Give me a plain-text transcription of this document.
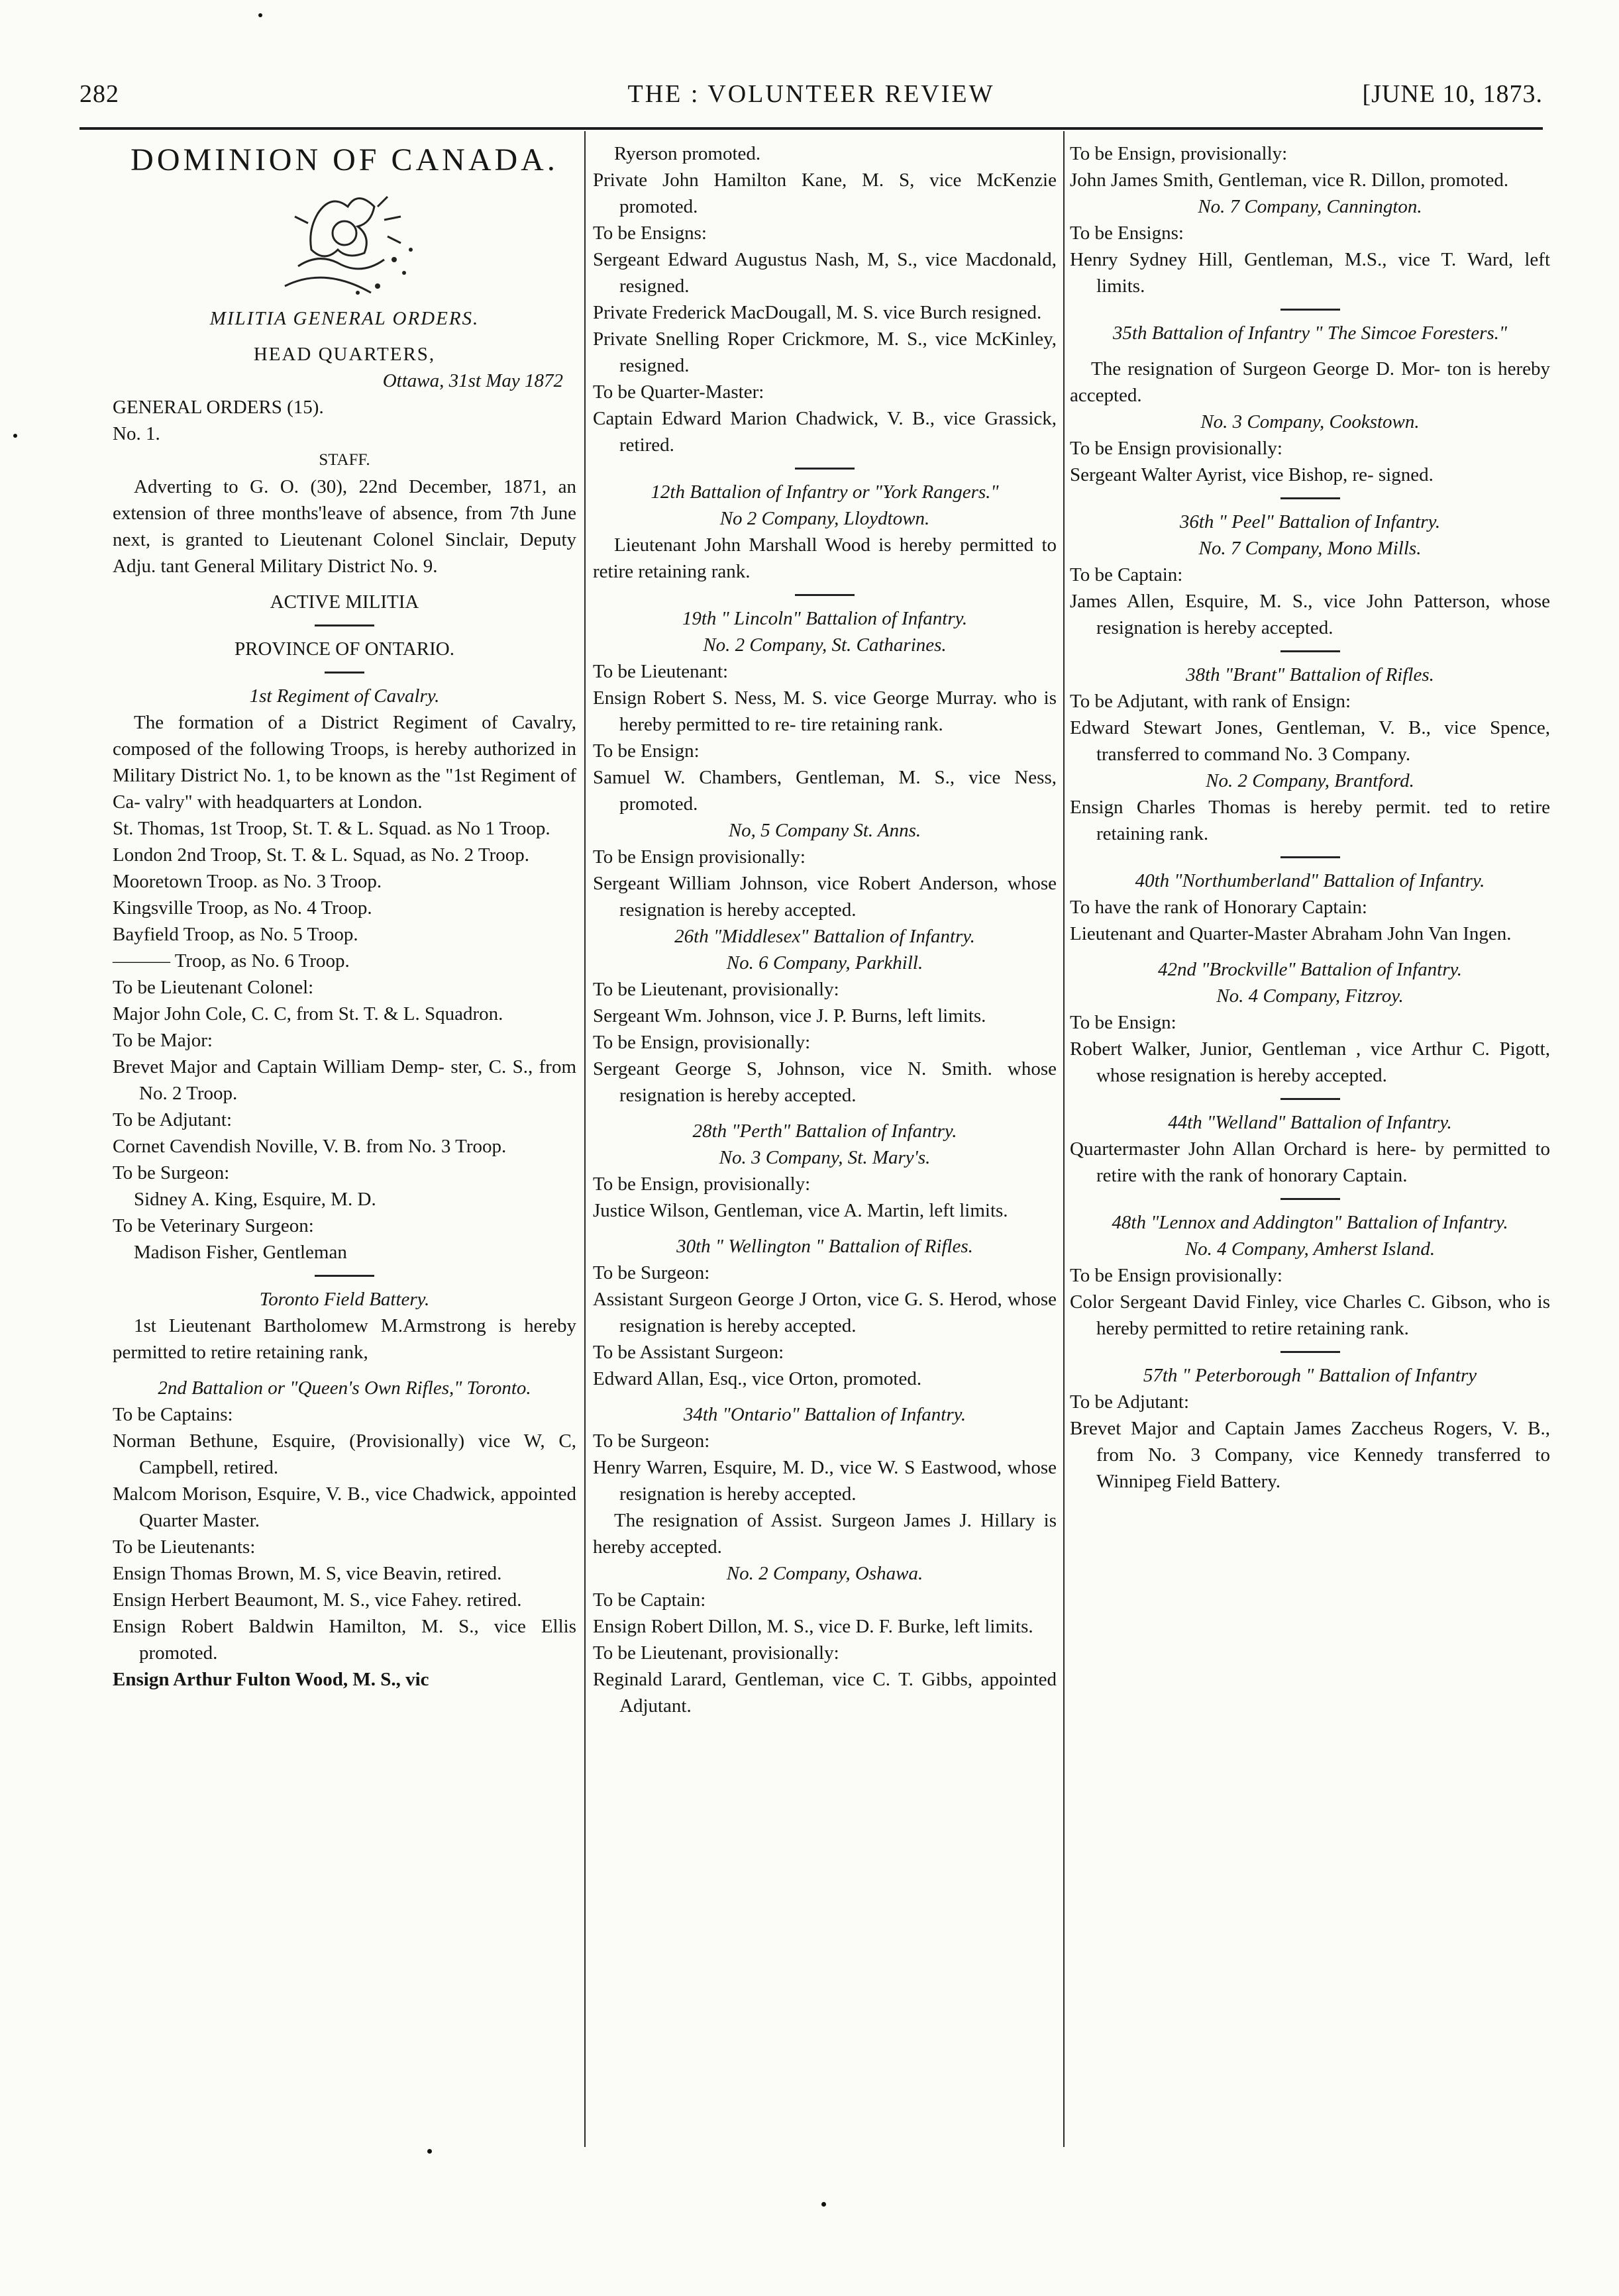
282	THE : VOLUNTEER REVIEW	[JUNE 10, 1873.

DOMINION OF CANADA.

MILITIA GENERAL ORDERS.

HEAD QUARTERS,

Ottawa, 31st May 1872

GENERAL ORDERS (15).

No. 1.

STAFF.

Adverting to G. O. (30), 22nd December, 1871, an extension of three months'leave of absence, from 7th June next, is granted to Lieutenant Colonel Sinclair, Deputy Adju. tant General Military District No. 9.

ACTIVE MILITIA

PROVINCE OF ONTARIO.

1st Regiment of Cavalry.

The formation of a District Regiment of Cavalry, composed of the following Troops, is hereby authorized in Military District No. 1, to be known as the "1st Regiment of Ca- valry" with headquarters at London.

St. Thomas, 1st Troop, St. T. & L. Squad. as No 1 Troop.

London 2nd Troop, St. T. & L. Squad, as No. 2 Troop.

Mooretown Troop. as No. 3 Troop.

Kingsville Troop, as No. 4 Troop.

Bayfield Troop, as No. 5 Troop.

——— Troop, as No. 6 Troop.

To be Lieutenant Colonel:

Major John Cole, C. C, from St. T. & L. Squadron.

To be Major:

Brevet Major and Captain William Demp- ster, C. S., from No. 2 Troop.

To be Adjutant:

Cornet Cavendish Noville, V. B. from No. 3 Troop.

To be Surgeon:

Sidney A. King, Esquire, M. D.

To be Veterinary Surgeon:

Madison Fisher, Gentleman

Toronto Field Battery.

1st Lieutenant Bartholomew M.Armstrong is hereby permitted to retire retaining rank,

2nd Battalion or "Queen's Own Rifles," Toronto.

To be Captains:

Norman Bethune, Esquire, (Provisionally) vice W, C, Campbell, retired.

Malcom Morison, Esquire, V. B., vice Chadwick, appointed Quarter Master.

To be Lieutenants:

Ensign Thomas Brown, M. S, vice Beavin, retired.

Ensign Herbert Beaumont, M. S., vice Fahey. retired.

Ensign Robert Baldwin Hamilton, M. S., vice Ellis promoted.

Ensign Arthur Fulton Wood, M. S., vic

Ryerson promoted.

Private John Hamilton Kane, M. S, vice McKenzie promoted.

To be Ensigns:

Sergeant Edward Augustus Nash, M, S., vice Macdonald, resigned.

Private Frederick MacDougall, M. S. vice Burch resigned.

Private Snelling Roper Crickmore, M. S., vice McKinley, resigned.

To be Quarter-Master:

Captain Edward Marion Chadwick, V. B., vice Grassick, retired.

12th Battalion of Infantry or "York Rangers."

No 2 Company, Lloydtown.

Lieutenant John Marshall Wood is hereby permitted to retire retaining rank.

19th " Lincoln" Battalion of Infantry.

No. 2 Company, St. Catharines.

To be Lieutenant:

Ensign Robert S. Ness, M. S. vice George Murray. who is hereby permitted to re- tire retaining rank.

To be Ensign:

Samuel W. Chambers, Gentleman, M. S., vice Ness, promoted.

No, 5 Company St. Anns.

To be Ensign provisionally:

Sergeant William Johnson, vice Robert Anderson, whose resignation is hereby accepted.

26th "Middlesex" Battalion of Infantry.

No. 6 Company, Parkhill.

To be Lieutenant, provisionally:

Sergeant Wm. Johnson, vice J. P. Burns, left limits.

To be Ensign, provisionally:

Sergeant George S, Johnson, vice N. Smith. whose resignation is hereby accepted.

28th "Perth" Battalion of Infantry.

No. 3 Company, St. Mary's.

To be Ensign, provisionally:

Justice Wilson, Gentleman, vice A. Martin, left limits.

30th " Wellington " Battalion of Rifles.

To be Surgeon:

Assistant Surgeon George J Orton, vice G. S. Herod, whose resignation is hereby accepted.

To be Assistant Surgeon:

Edward Allan, Esq., vice Orton, promoted.

34th "Ontario" Battalion of Infantry.

To be Surgeon:

Henry Warren, Esquire, M. D., vice W. S Eastwood, whose resignation is hereby accepted.

The resignation of Assist. Surgeon James J. Hillary is hereby accepted.

No. 2 Company, Oshawa.

To be Captain:

Ensign Robert Dillon, M. S., vice D. F. Burke, left limits.

To be Lieutenant, provisionally:

Reginald Larard, Gentleman, vice C. T. Gibbs, appointed Adjutant.

To be Ensign, provisionally:

John James Smith, Gentleman, vice R. Dillon, promoted.

No. 7 Company, Cannington.

To be Ensigns:

Henry Sydney Hill, Gentleman, M.S., vice T. Ward, left limits.

35th Battalion of Infantry " The Simcoe Foresters."

The resignation of Surgeon George D. Mor- ton is hereby accepted.

No. 3 Company, Cookstown.

To be Ensign provisionally:

Sergeant Walter Ayrist, vice Bishop, re- signed.

36th " Peel" Battalion of Infantry.

No. 7 Company, Mono Mills.

To be Captain:

James Allen, Esquire, M. S., vice John Patterson, whose resignation is hereby accepted.

38th "Brant" Battalion of Rifles.

To be Adjutant, with rank of Ensign:

Edward Stewart Jones, Gentleman, V. B., vice Spence, transferred to command No. 3 Company.

No. 2 Company, Brantford.

Ensign Charles Thomas is hereby permit. ted to retire retaining rank.

40th "Northumberland" Battalion of Infantry.

To have the rank of Honorary Captain:

Lieutenant and Quarter-Master Abraham John Van Ingen.

42nd "Brockville" Battalion of Infantry.

No. 4 Company, Fitzroy.

To be Ensign:

Robert Walker, Junior, Gentleman , vice Arthur C. Pigott, whose resignation is hereby accepted.

44th "Welland" Battalion of Infantry.

Quartermaster John Allan Orchard is here- by permitted to retire with the rank of honorary Captain.

48th "Lennox and Addington" Battalion of Infantry.

No. 4 Company, Amherst Island.

To be Ensign provisionally:

Color Sergeant David Finley, vice Charles C. Gibson, who is hereby permitted to retire retaining rank.

57th " Peterborough " Battalion of Infantry

To be Adjutant:

Brevet Major and Captain James Zaccheus Rogers, V. B., from No. 3 Company, vice Kennedy transferred to Winnipeg Field Battery.
